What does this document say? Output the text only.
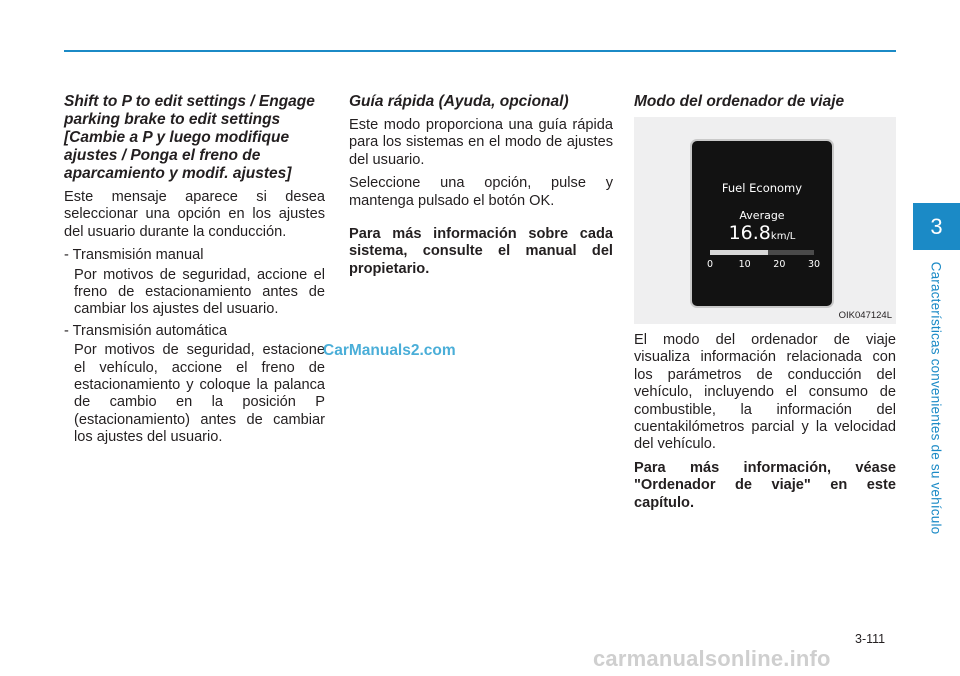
Shift to P to edit settings / Engage parking brake to edit settings [Cambie a P y luego modifique ajustes / Ponga el freno de aparcamiento y modif. ajustes]

Este mensaje aparece si desea seleccionar una opción en los ajustes del usuario durante la conducción.

- Transmisión manual

Por motivos de seguridad, accione el freno de estacionamiento antes de cambiar los ajustes del usuario.

- Transmisión automática

Por motivos de seguridad, estacione el vehículo, accione el freno de estacionamiento y coloque la palanca de cambio en la posición P (estacionamiento) antes de cambiar los ajustes del usuario.

Guía rápida (Ayuda, opcional)

Este modo proporciona una guía rápida para los sistemas en el modo de ajustes del usuario.

Seleccione una opción, pulse y mantenga pulsado el botón OK.

Para más información sobre cada sistema, consulte el manual del propietario.

Modo del ordenador de viaje
Fuel Economy
Average
16.8km/L
0	10 20 30
OIK047124L

El modo del ordenador de viaje visualiza información relacionada con los parámetros de conducción del vehículo, incluyendo el consumo de combustible, la información del cuentakilómetros parcial y la velocidad del vehículo.

Para más información, véase "Ordenador de viaje" en este capítulo.

CarManuals2.com
3
Características convenientes de su vehículo
3-111
carmanualsonline.info
